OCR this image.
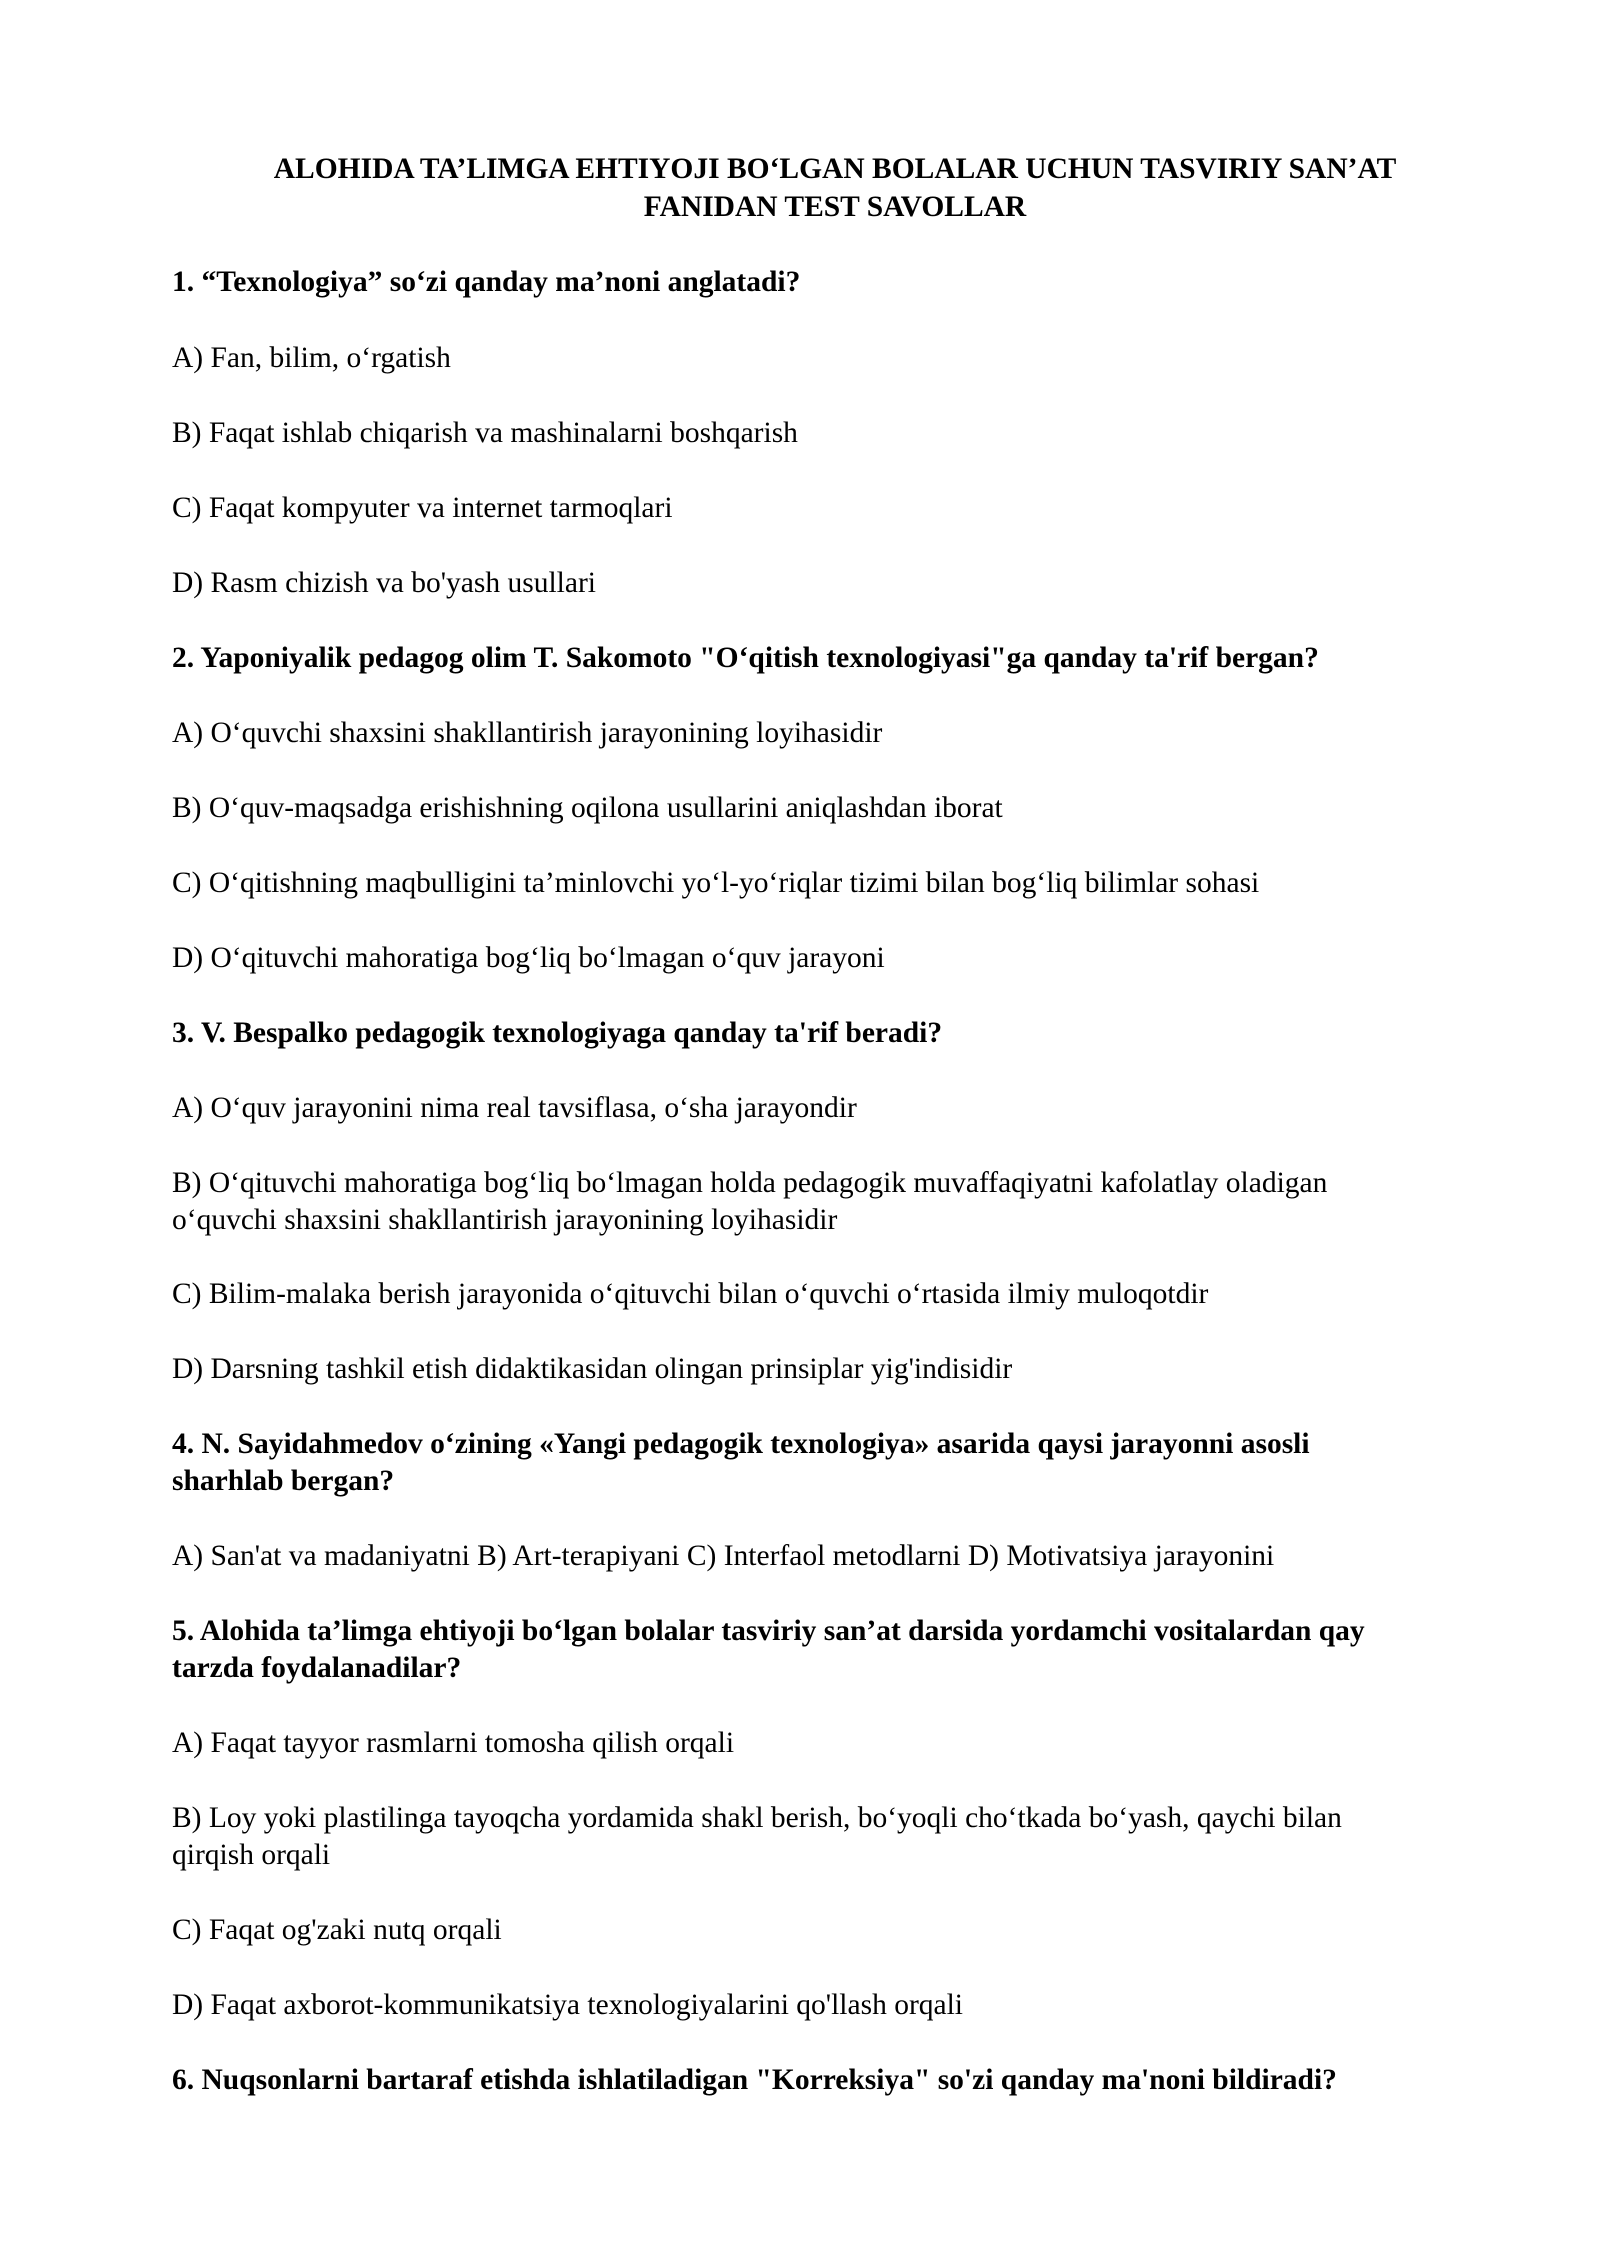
ALOHIDA TA’LIMGA EHTIYOJI BO‘LGAN BOLALAR UCHUN TASVIRIY SAN’AT
FANIDAN TEST SAVOLLAR
1. “Texnologiya” so‘zi qanday ma’noni anglatadi?
A) Fan, bilim, o‘rgatish
B) Faqat ishlab chiqarish va mashinalarni boshqarish
C) Faqat kompyuter va internet tarmoqlari
D) Rasm chizish va bo'yash usullari
2. Yaponiyalik pedagog olim T. Sakomoto "O‘qitish texnologiyasi"ga qanday ta'rif bergan?
A) O‘quvchi shaxsini shakllantirish jarayonining loyihasidir
B) O‘quv-maqsadga erishishning oqilona usullarini aniqlashdan iborat
C) O‘qitishning maqbulligini ta’minlovchi yo‘l-yo‘riqlar tizimi bilan bog‘liq bilimlar sohasi
D) O‘qituvchi mahoratiga bog‘liq bo‘lmagan o‘quv jarayoni
3. V. Bespalko pedagogik texnologiyaga qanday ta'rif beradi?
A) O‘quv jarayonini nima real tavsiflasa, o‘sha jarayondir
B) O‘qituvchi mahoratiga bog‘liq bo‘lmagan holda pedagogik muvaffaqiyatni kafolatlay oladigan
o‘quvchi shaxsini shakllantirish jarayonining loyihasidir
C) Bilim-malaka berish jarayonida o‘qituvchi bilan o‘quvchi o‘rtasida ilmiy muloqotdir
D) Darsning tashkil etish didaktikasidan olingan prinsiplar yig'indisidir
4. N. Sayidahmedov o‘zining «Yangi pedagogik texnologiya» asarida qaysi jarayonni asosli
sharhlab bergan?
A) San'at va madaniyatni B) Art-terapiyani C) Interfaol metodlarni D) Motivatsiya jarayonini
5. Alohida ta’limga ehtiyoji bo‘lgan bolalar tasviriy san’at darsida yordamchi vositalardan qay
tarzda foydalanadilar?
A) Faqat tayyor rasmlarni tomosha qilish orqali
B) Loy yoki plastilinga tayoqcha yordamida shakl berish, bo‘yoqli cho‘tkada bo‘yash, qaychi bilan
qirqish orqali
C) Faqat og'zaki nutq orqali
D) Faqat axborot-kommunikatsiya texnologiyalarini qo'llash orqali
6. Nuqsonlarni bartaraf etishda ishlatiladigan "Korreksiya" so'zi qanday ma'noni bildiradi?
